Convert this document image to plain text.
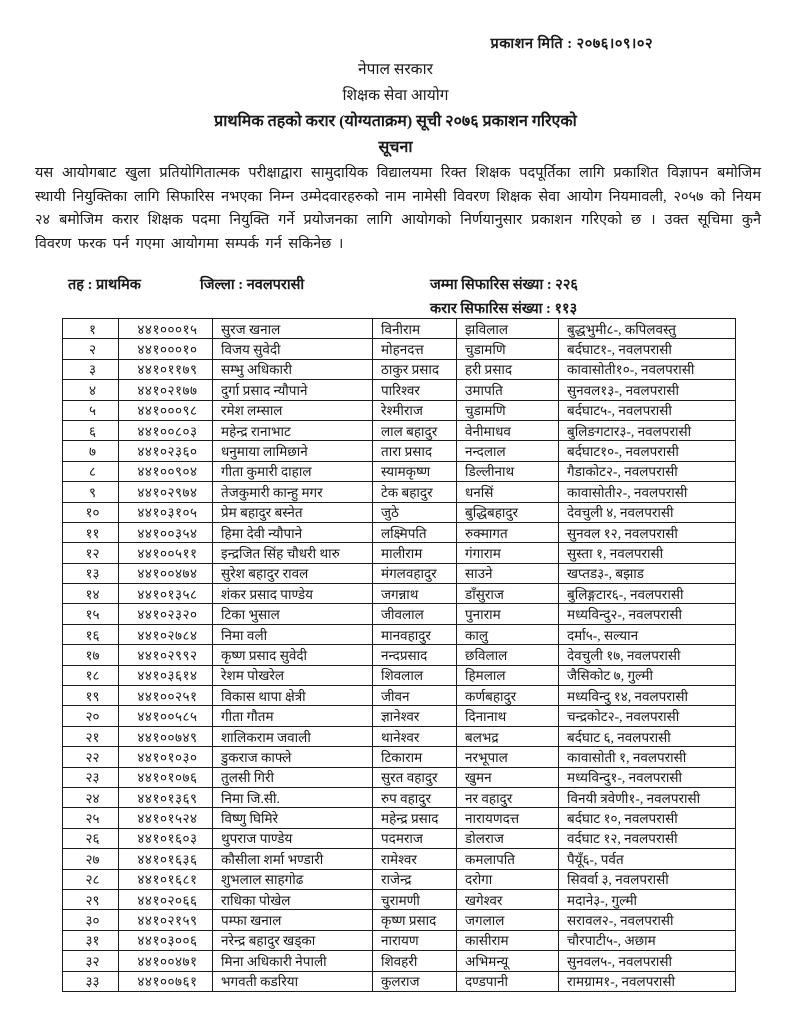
प्रकाशन मिति : २०७६।०९।०२
नेपाल सरकार
शिक्षक सेवा आयोग
प्राथमिक तहको करार (योग्यताक्रम) सूची २०७६ प्रकाशन गरिएको
सूचना

यस आयोगबाट खुला प्रतियोगितात्मक परीक्षाद्वारा सामुदायिक विद्यालयमा रिक्त शिक्षक पदपूर्तिका लागि प्रकाशित विज्ञापन बमोजिम स्थायी नियुक्तिका लागि सिफारिस नभएका निम्न उम्मेदवारहरुको नाम नामेसी विवरण शिक्षक सेवा आयोग नियमावली, २०५७ को नियम २४ बमोजिम करार शिक्षक पदमा नियुक्ति गर्ने प्रयोजनका लागि आयोगको निर्णयानुसार प्रकाशन गरिएको छ । उक्त सूचिमा कुनै विवरण फरक पर्न गएमा आयोगमा सम्पर्क गर्न सकिनेछ ।

तह : प्राथमिक	जिल्ला : नवलपरासी	जम्मा सिफारिस संख्या : २२६
करार सिफारिस संख्या : ११३
१	४४१०००१५	सुरज खनाल	विनीराम	झविलाल	बुद्धभुमी८-, कपिलवस्तु
२	४४१०००१०	विजय सुवेदी	मोहनदत्त	चुडामणि	बर्दघाट१-, नवलपरासी
३	४४१०११७९	सम्भु अधिकारी	ठाकुर प्रसाद	हरी प्रसाद	कावासोती१०-, नवलपरासी
४	४४१०२१७७	दुर्गा प्रसाद न्यौपाने	पारिश्वर	उमापति	सुनवल१३-, नवलपरासी
५	४४१०००९८	रमेश लम्साल	रेश्मीराज	चुडामणि	बर्दघाट५-, नवलपरासी
६	४४१००८०३	महेन्द्र रानाभाट	लाल बहादुर	वेनीमाधव	बुलिङगटार३-, नवलपरासी
७	४४१०२३६०	धनुमाया लामिछाने	तारा प्रसाद	नन्दलाल	बर्दघाट१०-, नवलपरासी
८	४४१००९०४	गीता कुमारी दाहाल	स्यामकृष्ण	डिल्लीनाथ	गैडाकोट२-, नवलपरासी
९	४४१०२९७४	तेजकुमारी कान्हु मगर	टेक बहादुर	धनसिं	कावासोती२-, नवलपरासी
१०	४४१०३१०५	प्रेम बहादुर बस्नेत	जुठे	बुद्धिबहादुर	देवचुली ४, नवलपरासी
११	४४१००३५४	हिमा देवी न्यौपाने	लक्ष्मिपति	रुक्मागत	सुनवल १२, नवलपरासी
१२	४४१००५११	इन्द्रजित सिंह चौधरी थारु	मालीराम	गंगाराम	सुस्ता १, नवलपरासी
१३	४४१००४७४	सुरेश बहादुर रावल	मंगलवहादुर	साउने	खप्तड३-, बझाड
१४	४४१०१३५८	शंकर प्रसाद पाण्डेय	जगन्नाथ	डाँसुराज	बुलिङ्गटार६-, नवलपरासी
१५	४४१०२३२०	टिका भुसाल	जीवलाल	पुनाराम	मध्यविन्दु२-, नवलपरासी
१६	४४१०२७८४	निमा वली	मानवहादुर	कालु	दर्मा५-, सल्यान
१७	४४१०२९९२	कृष्ण प्रसाद सुवेदी	नन्दप्रसाद	छविलाल	देवचुली १७, नवलपरासी
१८	४४१०३६१४	रेशम पोखरेल	शिवलाल	हिमलाल	जैसिकोट ७, गुल्मी
१९	४४१००२५१	विकास थापा क्षेत्री	जीवन	कर्णबहादुर	मध्यविन्दु १४, नवलपरासी
२०	४४१००५८५	गीता गौतम	ज्ञानेश्वर	दिनानाथ	चन्द्रकोट२-, नवलपरासी
२१	४४१००७४९	शालिकराम जवाली	थानेश्वर	बलभद्र	बर्दघाट ६, नवलपरासी
२२	४४१०१०३०	डुकराज काफ्ले	टिकाराम	नरभूपाल	कावासोती १, नवलपरासी
२३	४४१०१०७६	तुलसी गिरी	सुरत वहादुर	खुमन	मध्यविन्दु१-, नवलपरासी
२४	४४१०१३६९	निमा जि.सी.	रुप वहादुर	नर वहादुर	विनयी त्रवेणी१-, नवलपरासी
२५	४४१०१५२४	विष्णु घिमिरे	महेन्द्र प्रसाद	नारायणदत्त	बर्दघाट १०, नवलपरासी
२६	४४१०१६०३	थुपराज पाण्डेय	पदमराज	डोलराज	वर्दघाट १२, नवलपरासी
२७	४४१०१६३६	कौसीला शर्मा भण्डारी	रामेश्वर	कमलापति	पैयूँ६-, पर्वत
२८	४४१०१६८१	शुभलाल साहगोढ	राजेन्द्र	दरोगा	सिवर्वा ३, नवलपरासी
२९	४४१०२०६६	राधिका पोखेल	चुरामणी	खगेश्वर	मदाने३-, गुल्मी
३०	४४१०२१५९	पम्फा खनाल	कृष्ण प्रसाद	जगलाल	सरावल२-, नवलपरासी
३१	४४१०३००६	नरेन्द्र बहादुर खड्का	नारायण	कासीराम	चौरपाटी५-, अछाम
३२	४४१००४७१	मिना अधिकारी नेपाली	शिवहरी	अभिमन्यू	सुनवल५-, नवलपरासी
३३	४४१००७६१	भगवती कडरिया	कुलराज	दण्डपानी	रामग्राम१-, नवलपरासी
